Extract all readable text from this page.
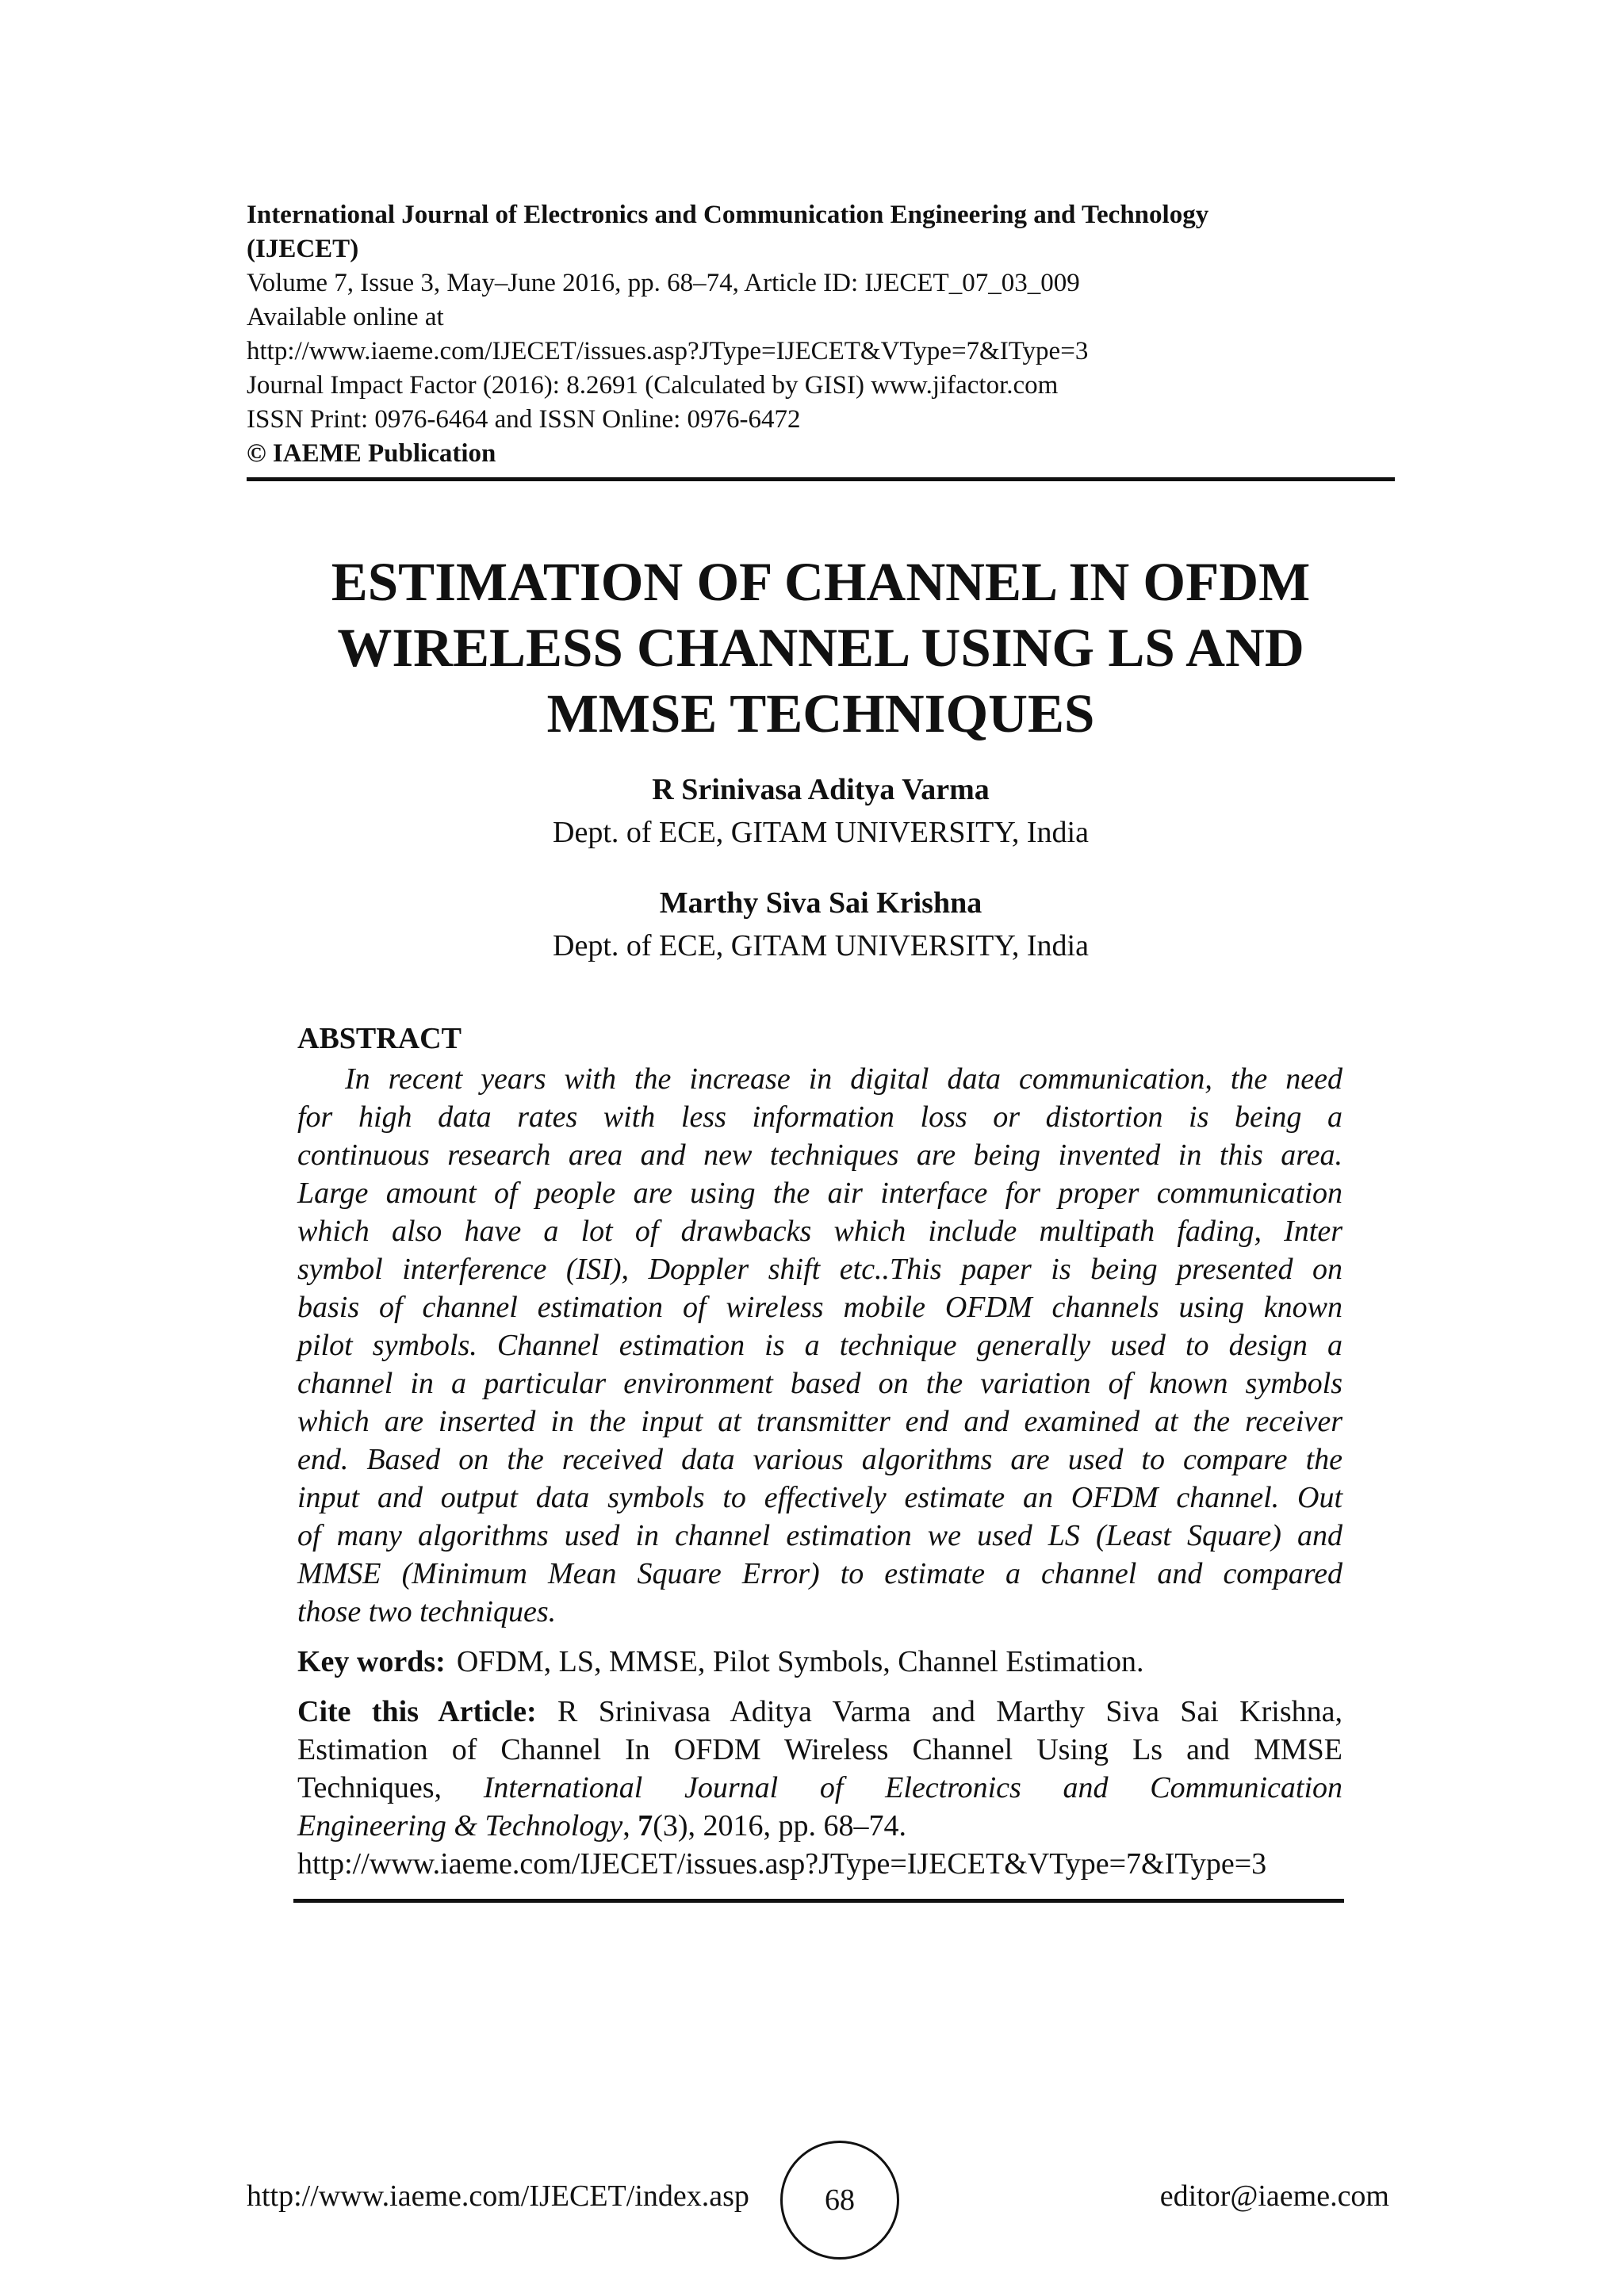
International Journal of Electronics and Communication Engineering and Technology
(IJECET)
Volume 7, Issue 3, May–June 2016, pp. 68–74, Article ID: IJECET_07_03_009
Available online at
http://www.iaeme.com/IJECET/issues.asp?JType=IJECET&VType=7&IType=3
Journal Impact Factor (2016): 8.2691 (Calculated by GISI) www.jifactor.com
ISSN Print: 0976-6464 and ISSN Online: 0976-6472
© IAEME Publication
ESTIMATION OF CHANNEL IN OFDM
WIRELESS CHANNEL USING LS AND
MMSE TECHNIQUES
R Srinivasa Aditya Varma
Dept. of ECE, GITAM UNIVERSITY, India
Marthy Siva Sai Krishna
Dept. of ECE, GITAM UNIVERSITY, India
ABSTRACT
In recent years with the increase in digital data communication, the need
for high data rates with less information loss or distortion is being a
continuous research area and new techniques are being invented in this area.
Large amount of people are using the air interface for proper communication
which also have a lot of drawbacks which include multipath fading, Inter
symbol interference (ISI), Doppler shift etc..This paper is being presented on
basis of channel estimation of wireless mobile OFDM channels using known
pilot symbols. Channel estimation is a technique generally used to design a
channel in a particular environment based on the variation of known symbols
which are inserted in the input at transmitter end and examined at the receiver
end. Based on the received data various algorithms are used to compare the
input and output data symbols to effectively estimate an OFDM channel. Out
of many algorithms used in channel estimation we used LS (Least Square) and
MMSE (Minimum Mean Square Error) to estimate a channel and compared
those two techniques.
Key words: OFDM, LS, MMSE, Pilot Symbols, Channel Estimation.
Cite this Article: R Srinivasa Aditya Varma and Marthy Siva Sai Krishna,
Estimation of Channel In OFDM Wireless Channel Using Ls and MMSE
Techniques, International Journal of Electronics and Communication
Engineering & Technology, 7(3), 2016, pp. 68–74.
http://www.iaeme.com/IJECET/issues.asp?JType=IJECET&VType=7&IType=3
http://www.iaeme.com/IJECET/index.asp	68	editor@iaeme.com
